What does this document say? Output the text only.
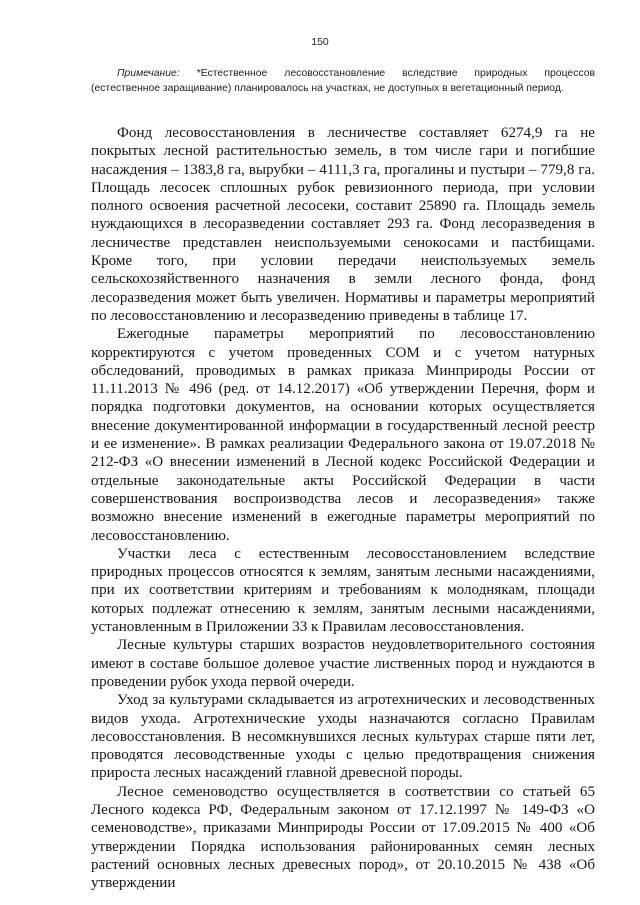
150

Примечание: *Естественное лесовосстановление вследствие природных процессов (естественное заращивание) планировалось на участках, не доступных в вегетационный период.

Фонд лесовосстановления в лесничестве составляет 6274,9 га не покрытых лесной растительностью земель, в том числе гари и погибшие насаждения – 1383,8 га, вырубки – 4111,3 га, прогалины и пустыри – 779,8 га. Площадь лесосек сплошных рубок ревизионного периода, при условии полного освоения расчетной лесосеки, составит 25890 га. Площадь земель нуждающихся в лесоразведении составляет 293 га. Фонд лесоразведения в лесничестве представлен неиспользуемыми сенокосами и пастбищами. Кроме того, при условии передачи неиспользуемых земель сельскохозяйственного назначения в земли лесного фонда, фонд лесоразведения может быть увеличен. Нормативы и параметры мероприятий по лесовосстановлению и лесоразведению приведены в таблице 17.

Ежегодные параметры мероприятий по лесовосстановлению корректируются с учетом проведенных СОМ и с учетом натурных обследований, проводимых в рамках приказа Минприроды России от 11.11.2013 № 496 (ред. от 14.12.2017) «Об утверждении Перечня, форм и порядка подготовки документов, на основании которых осуществляется внесение документированной информации в государственный лесной реестр и ее изменение». В рамках реализации Федерального закона от 19.07.2018 № 212-ФЗ «О внесении изменений в Лесной кодекс Российской Федерации и отдельные законодательные акты Российской Федерации в части совершенствования воспроизводства лесов и лесоразведения» также возможно внесение изменений в ежегодные параметры мероприятий по лесовосстановлению.

Участки леса с естественным лесовосстановлением вследствие природных процессов относятся к землям, занятым лесными насаждениями, при их соответствии критериям и требованиям к молоднякам, площади которых подлежат отнесению к землям, занятым лесными насаждениями, установленным в Приложении 33 к Правилам лесовосстановления.

Лесные культуры старших возрастов неудовлетворительного состояния имеют в составе большое долевое участие лиственных пород и нуждаются в проведении рубок ухода первой очереди.

Уход за культурами складывается из агротехнических и лесоводственных видов ухода. Агротехнические уходы назначаются согласно Правилам лесовосстановления. В несомкнувшихся лесных культурах старше пяти лет, проводятся лесоводственные уходы с целью предотвращения снижения прироста лесных насаждений главной древесной породы.

Лесное семеноводство осуществляется в соответствии со статьей 65 Лесного кодекса РФ, Федеральным законом от 17.12.1997 № 149-ФЗ «О семеноводстве», приказами Минприроды России от 17.09.2015 № 400 «Об утверждении Порядка использования районированных семян лесных растений основных лесных древесных пород», от 20.10.2015 № 438 «Об утверждении
